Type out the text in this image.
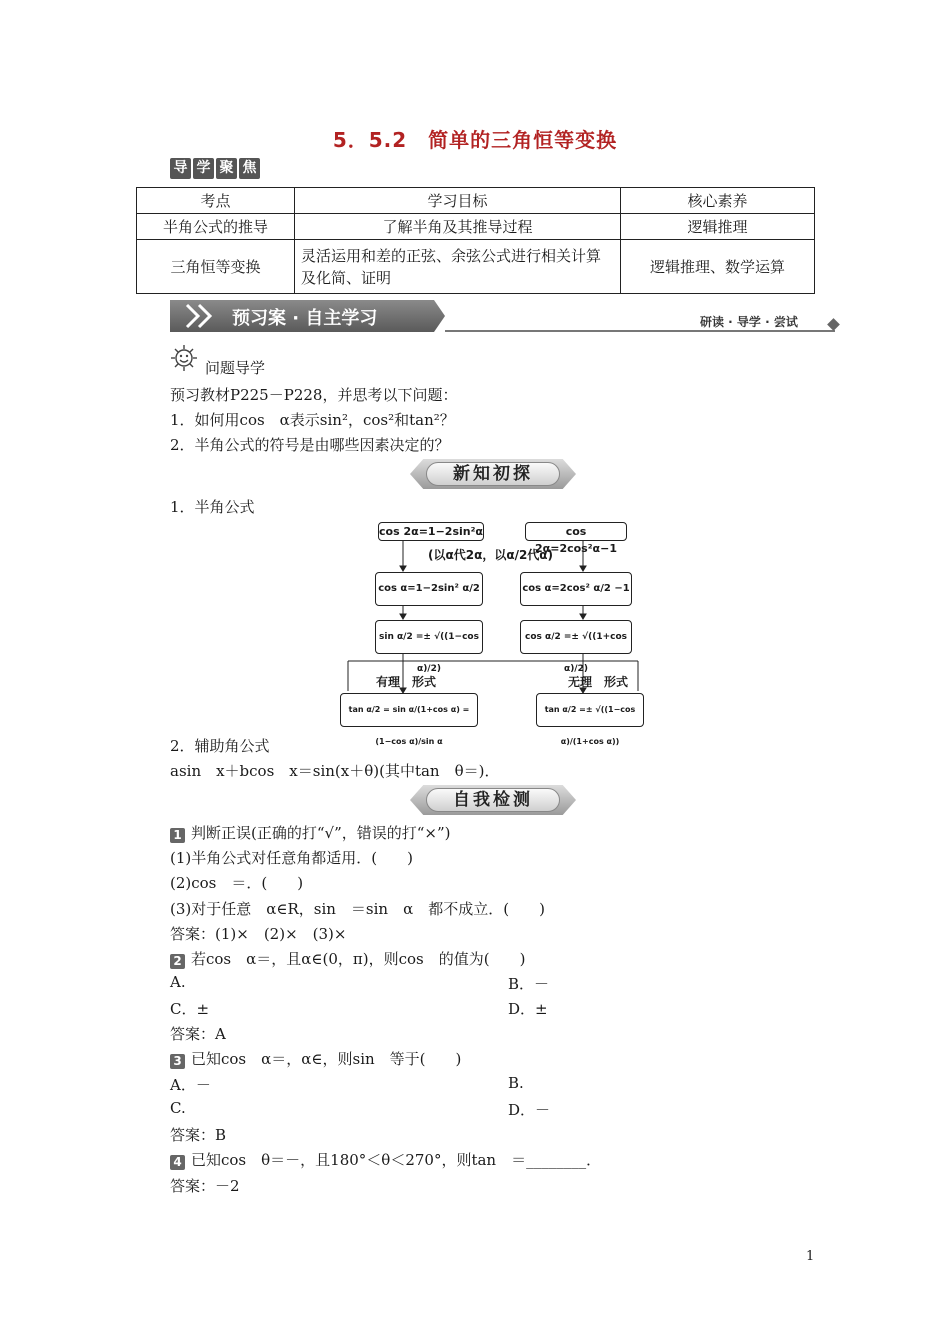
5．5.2　简单的三角恒等变换
导 学 聚 焦
考点	学习目标	核心素养
半角公式的推导	了解半角及其推导过程	逻辑推理
三角恒等变换	灵活运用和差的正弦、余弦公式进行相关计算及化简、证明	逻辑推理、数学运算
预习案 · 自主学习	研读 · 导学 · 尝试
问题导学
预习教材P225－P228，并思考以下问题：
1．如何用cos　α表示sin²，cos²和tan²？
2．半角公式的符号是由哪些因素决定的？
新知初探
1．半角公式
cos 2α=1−2sin²α	cos 2α=2cos²α−1
(以α代2α，以α/2代α)
cos α=1−2sin² α/2	cos α=2cos² α/2 −1
sin α/2 =± √((1−cos α)/2)
cos α/2 =± √((1+cos α)/2)
有理　形式	无理　形式
tan α/2 = sin α/(1+cos α) = (1−cos α)/sin α
tan α/2 =± √((1−cos α)/(1+cos α))
2．辅助角公式
asin　x＋bcos　x＝sin(x＋θ)(其中tan　θ＝)．
自我检测
1 判断正误(正确的打“√”，错误的打“×”)
(1)半角公式对任意角都适用．(　　)
(2)cos　＝．(　　)
(3)对于任意　α∈R，sin　＝sin　α　都不成立．(　　)
答案：(1)×　(2)×　(3)×
2 若cos　α＝，且α∈(0，π)，则cos　的值为(　　)
A.	B．－
C．±	D．±
答案：A
3 已知cos　α＝，α∈，则sin　等于(　　)
A．－	B.
C.	D．－
答案：B
4 已知cos　θ＝－，且180°＜θ＜270°，则tan　＝________．
答案：－2
1
